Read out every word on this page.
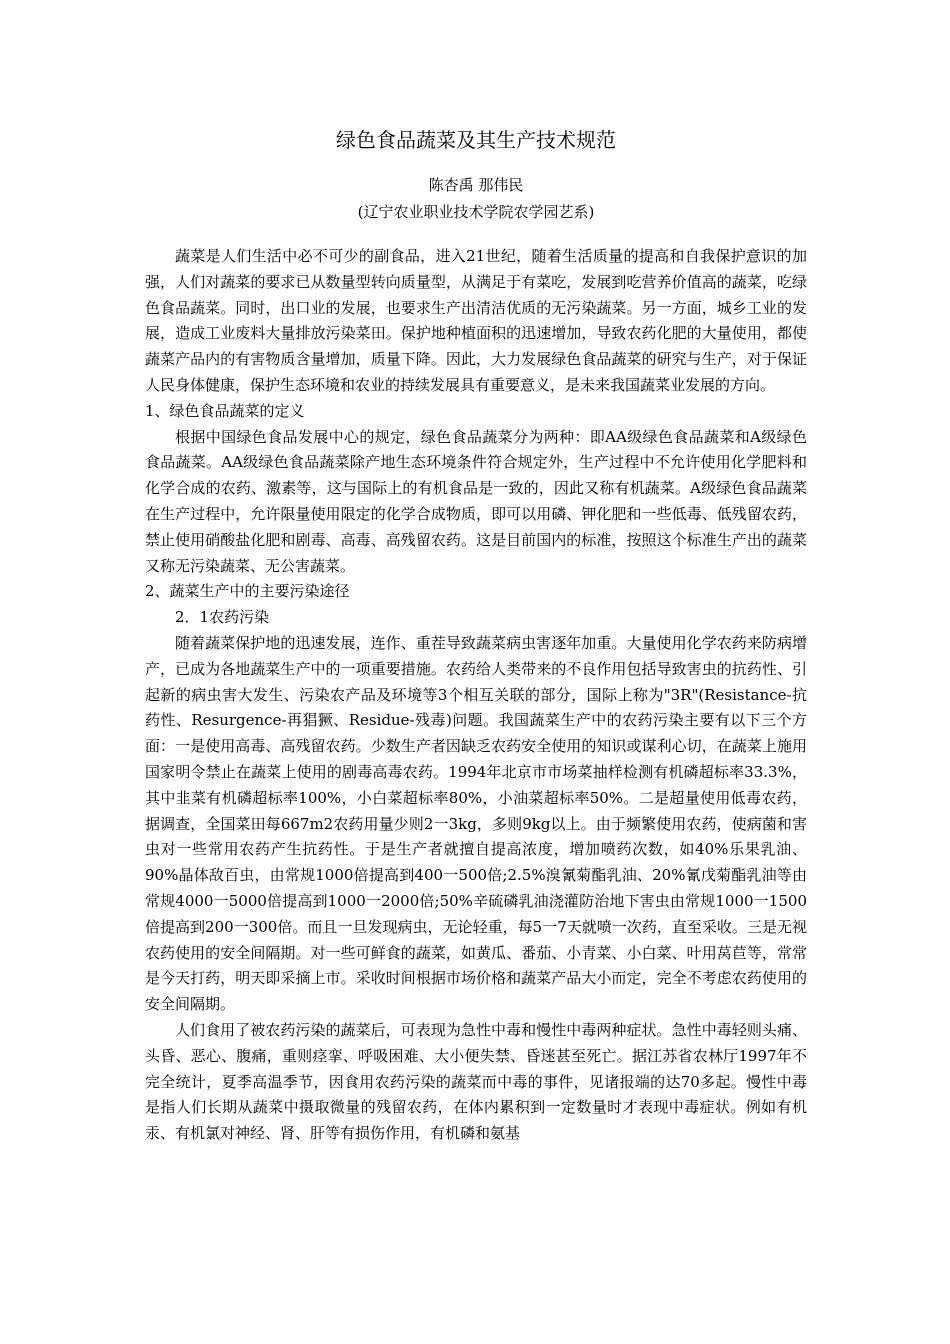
绿色食品蔬菜及其生产技术规范

陈杏禹 那伟民

(辽宁农业职业技术学院农学园艺系)

蔬菜是人们生活中必不可少的副食品，进入21世纪，随着生活质量的提高和自我保护意识的加强，人们对蔬菜的要求已从数量型转向质量型，从满足于有菜吃，发展到吃营养价值高的蔬菜，吃绿色食品蔬菜。同时，出口业的发展，也要求生产出清洁优质的无污染蔬菜。另一方面，城乡工业的发展，造成工业废料大量排放污染菜田。保护地种植面积的迅速增加，导致农药化肥的大量使用，都使蔬菜产品内的有害物质含量增加，质量下降。因此，大力发展绿色食品蔬菜的研究与生产，对于保证人民身体健康，保护生态环境和农业的持续发展具有重要意义，是未来我国蔬菜业发展的方向。

1、绿色食品蔬菜的定义

根据中国绿色食品发展中心的规定，绿色食品蔬菜分为两种：即AA级绿色食品蔬菜和A级绿色食品蔬菜。AA级绿色食品蔬菜除产地生态环境条件符合规定外，生产过程中不允许使用化学肥料和化学合成的农药、激素等，这与国际上的有机食品是一致的，因此又称有机蔬菜。A级绿色食品蔬菜在生产过程中，允许限量使用限定的化学合成物质，即可以用磷、钾化肥和一些低毒、低残留农药，禁止使用硝酸盐化肥和剧毒、高毒、高残留农药。这是目前国内的标准，按照这个标准生产出的蔬菜又称无污染蔬菜、无公害蔬菜。

2、蔬菜生产中的主要污染途径

2．1农药污染

随着蔬菜保护地的迅速发展，连作、重茬导致蔬菜病虫害逐年加重。大量使用化学农药来防病增产，已成为各地蔬菜生产中的一项重要措施。农药给人类带来的不良作用包括导致害虫的抗药性、引起新的病虫害大发生、污染农产品及环境等3个相互关联的部分，国际上称为"3R"(Resistance-抗药性、Resurgence-再猖獗、Residue-残毒)问题。我国蔬菜生产中的农药污染主要有以下三个方面：一是使用高毒、高残留农药。少数生产者因缺乏农药安全使用的知识或谋利心切，在蔬菜上施用国家明令禁止在蔬菜上使用的剧毒高毒农药。1994年北京市市场菜抽样检测有机磷超标率33.3%，其中韭菜有机磷超标率100%，小白菜超标率80%，小油菜超标率50%。二是超量使用低毒农药，据调查，全国菜田每667m2农药用量少则2一3kg，多则9kg以上。由于频繁使用农药，使病菌和害虫对一些常用农药产生抗药性。于是生产者就擅自提高浓度，增加喷药次数，如40%乐果乳油、90%晶体敌百虫，由常规1000倍提高到400一500倍;2.5%溴氰菊酯乳油、20%氰戊菊酯乳油等由常规4000一5000倍提高到1000一2000倍;50%辛硫磷乳油浇灌防治地下害虫由常规1000一1500倍提高到200一300倍。而且一旦发现病虫，无论轻重，每5一7天就喷一次药，直至采收。三是无视农药使用的安全间隔期。对一些可鲜食的蔬菜，如黄瓜、番茄、小青菜、小白菜、叶用莴苣等，常常是今天打药，明天即采摘上市。采收时间根据市场价格和蔬菜产品大小而定，完全不考虑农药使用的安全间隔期。

人们食用了被农药污染的蔬菜后，可表现为急性中毒和慢性中毒两种症状。急性中毒轻则头痛、头昏、恶心、腹痛，重则痉挛、呼吸困难、大小便失禁、昏迷甚至死亡。据江苏省农林厅1997年不完全统计，夏季高温季节，因食用农药污染的蔬菜而中毒的事件，见诸报端的达70多起。慢性中毒是指人们长期从蔬菜中摄取微量的残留农药，在体内累积到一定数量时才表现中毒症状。例如有机汞、有机氯对神经、肾、肝等有损伤作用，有机磷和氨基
